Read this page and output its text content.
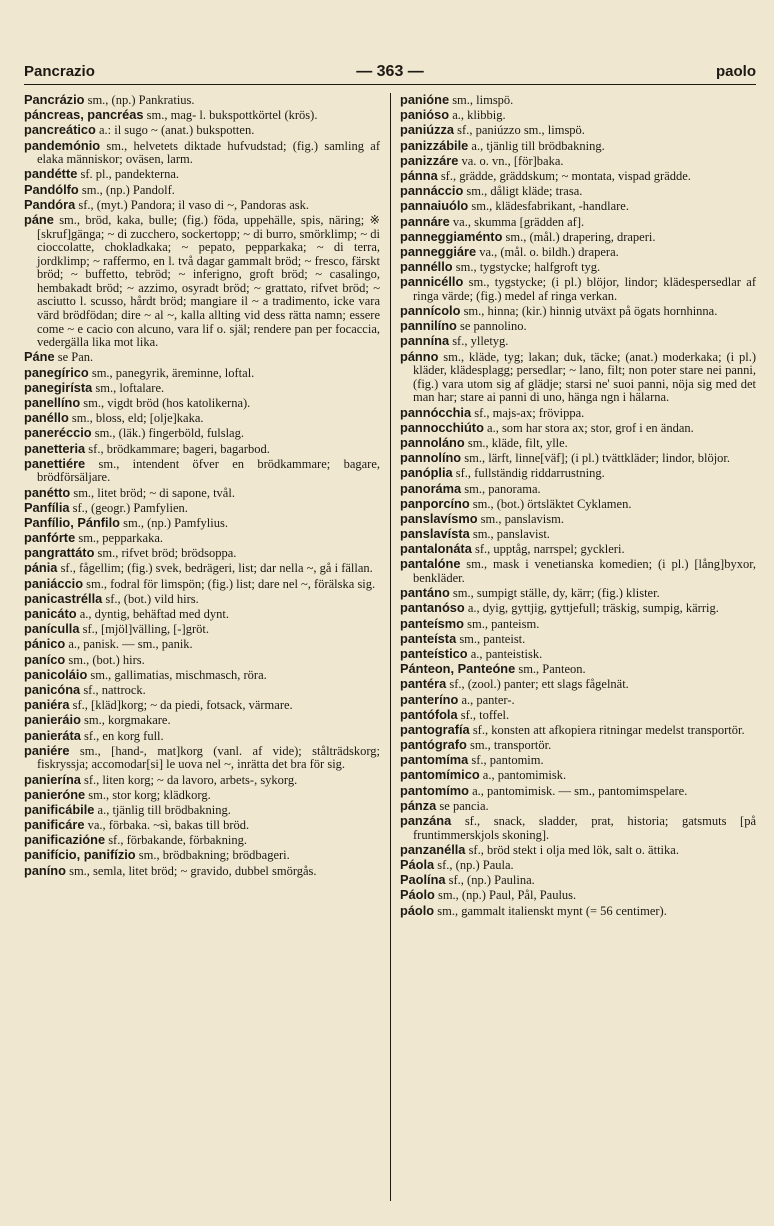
Pancrazio	— 363 —	paolo

Pancrázio sm., (np.) Pankratius.

páncreas, pancréas sm., mag- l. bukspottkörtel (krös).

pancreático a.: il sugo ~ (anat.) bukspotten.

pandemónio sm., helvetets diktade hufvudstad; (fig.) samling af elaka människor; oväsen, larm.

pandétte sf. pl., pandekterna.

Pandólfo sm., (np.) Pandolf.

Pandóra sf., (myt.) Pandora; il vaso di ~, Pandoras ask.

páne sm., bröd, kaka, bulle; (fig.) föda, uppehälle, spis, näring; ※ [skruf]gänga; ~ di zucchero, sockertopp; ~ di burro, smörklimp; ~ di cioccolatte, chokladkaka; ~ pepato, pepparkaka; ~ di terra, jordklimp; ~ raffermo, en l. två dagar gammalt bröd; ~ fresco, färskt bröd; ~ buffetto, tebröd; ~ inferigno, groft bröd; ~ casalingo, hembakadt bröd; ~ azzimo, osyradt bröd; ~ grattato, rifvet bröd; ~ asciutto l. scusso, hårdt bröd; mangiare il ~ a tradimento, icke vara värd brödfödan; dire ~ al ~, kalla allting vid dess rätta namn; essere come ~ e cacio con alcuno, vara lif o. själ; rendere pan per focaccia, vedergälla lika mot lika.

Páne se Pan.

panegírico sm., panegyrik, äreminne, loftal.

panegirísta sm., loftalare.

panellíno sm., vigdt bröd (hos katolikerna).

panéllo sm., bloss, eld; [olje]kaka.

paneréccio sm., (läk.) fingerböld, fulslag.

panetteria sf., brödkammare; bageri, bagarbod.

panettiére sm., intendent öfver en brödkammare; bagare, brödförsäljare.

panétto sm., litet bröd; ~ di sapone, tvål.

Panfília sf., (geogr.) Pamfylien.

Panfílio, Pánfilo sm., (np.) Pamfylius.

panfórte sm., pepparkaka.

pangrattáto sm., rifvet bröd; brödsoppa.

pánia sf., fågellim; (fig.) svek, bedrägeri, list; dar nella ~, gå i fällan.

paniáccio sm., fodral för limspön; (fig.) list; dare nel ~, förälska sig.

panicastrélla sf., (bot.) vild hirs.

panicáto a., dyntig, behäftad med dynt.

panículla sf., [mjöl]välling, [-]gröt.

pánico a., panisk. — sm., panik.

paníco sm., (bot.) hirs.

panicoláio sm., gallimatias, mischmasch, röra.

panicóna sf., nattrock.

paniéra sf., [kläd]korg; ~ da piedi, fotsack, värmare.

panieráio sm., korgmakare.

panieráta sf., en korg full.

paniére sm., [hand-, mat]korg (vanl. af vide); stålträdskorg; fiskryssja; accomodar[si] le uova nel ~, inrätta det bra för sig.

panierína sf., liten korg; ~ da lavoro, arbets-, sykorg.

panieróne sm., stor korg; klädkorg.

panificábile a., tjänlig till brödbakning.

panificáre va., förbaka. ~sì, bakas till bröd.

panificazióne sf., förbakande, förbakning.

panifício, panifízio sm., brödbakning; brödbageri.

paníno sm., semla, litet bröd; ~ gravido, dubbel smörgås.

panióne sm., limspö.

panióso a., klibbig.

paniúzza sf., paniúzzo sm., limspö.

panizzábile a., tjänlig till brödbakning.

panizzáre va. o. vn., [för]baka.

pánna sf., grädde, gräddskum; ~ montata, vispad grädde.

pannáccio sm., dåligt kläde; trasa.

pannaiuólo sm., klädesfabrikant, -handlare.

pannáre va., skumma [grädden af].

panneggiaménto sm., (mål.) drapering, draperi.

panneggiáre va., (mål. o. bildh.) drapera.

pannéllo sm., tygstycke; halfgroft tyg.

pannicéllo sm., tygstycke; (i pl.) blöjor, lindor; klädespersedlar af ringa värde; (fig.) medel af ringa verkan.

pannícolo sm., hinna; (kir.) hinnig utväxt på ögats hornhinna.

pannilíno se pannolino.

pannína sf., ylletyg.

pánno sm., kläde, tyg; lakan; duk, täcke; (anat.) moderkaka; (i pl.) kläder, klädesplagg; persedlar; ~ lano, filt; non poter stare nei panni, (fig.) vara utom sig af glädje; starsi ne' suoi panni, nöja sig med det man har; stare ai panni di uno, hänga ngn i hälarna.

pannócchia sf., majs-ax; frövippa.

pannocchiúto a., som har stora ax; stor, grof i en ändan.

pannoláno sm., kläde, filt, ylle.

pannolíno sm., lärft, linne[väf]; (i pl.) tvättkläder; lindor, blöjor.

panóplia sf., fullständig riddarrustning.

panoráma sm., panorama.

panporcíno sm., (bot.) örtsläktet Cyklamen.

panslavísmo sm., panslavism.

panslavísta sm., panslavist.

pantalonáta sf., upptåg, narrspel; gyckleri.

pantalóne sm., mask i venetianska komedien; (i pl.) [lång]byxor, benkläder.

pantáno sm., sumpigt ställe, dy, kärr; (fig.) klister.

pantanóso a., dyig, gyttjig, gyttjefull; träskig, sumpig, kärrig.

panteísmo sm., panteism.

panteísta sm., panteist.

panteístico a., panteistisk.

Pánteon, Panteóne sm., Panteon.

pantéra sf., (zool.) panter; ett slags fågelnät.

panteríno a., panter-.

pantófola sf., toffel.

pantografía sf., konsten att afkopiera ritningar medelst transportör.

pantógrafo sm., transportör.

pantomíma sf., pantomim.

pantomímico a., pantomimisk.

pantomímo a., pantomimisk. — sm., pantomimspelare.

pánza se pancia.

panzána sf., snack, sladder, prat, historia; gatsmuts [på fruntimmerskjols skoning].

panzanélla sf., bröd stekt i olja med lök, salt o. ättika.

Páola sf., (np.) Paula.

Paolína sf., (np.) Paulina.

Páolo sm., (np.) Paul, Pål, Paulus.

páolo sm., gammalt italienskt mynt (= 56 centimer).
